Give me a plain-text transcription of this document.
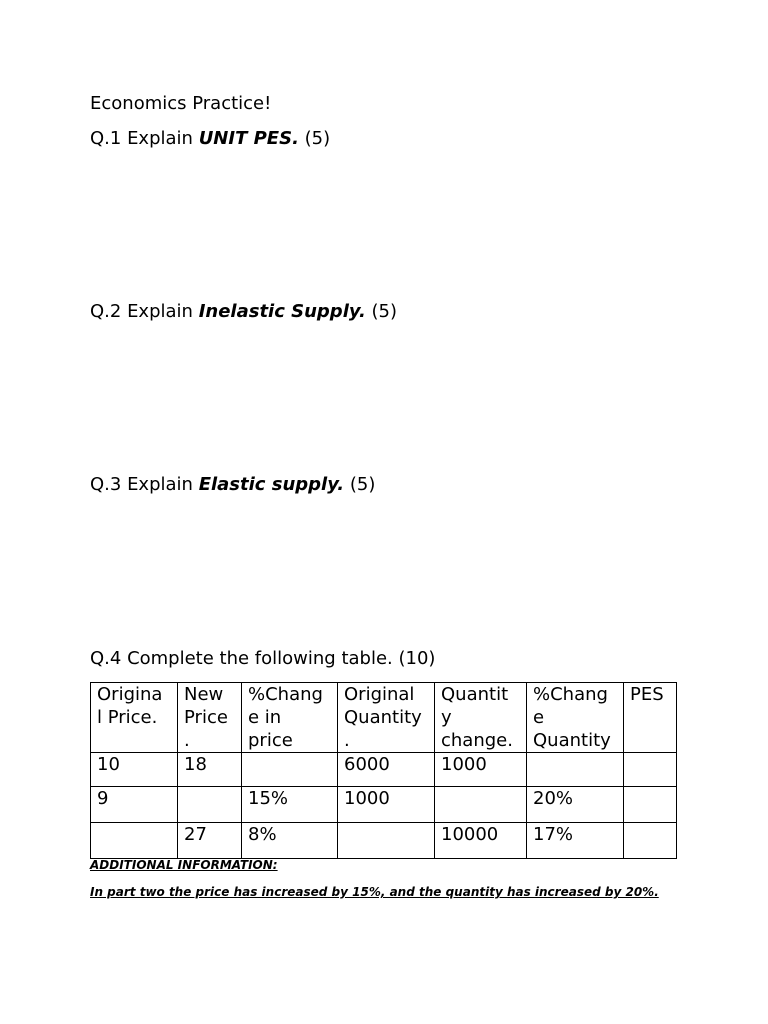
Economics Practice!
Q.1 Explain UNIT PES. (5)
Q.2 Explain Inelastic Supply. (5)
Q.3 Explain Elastic supply. (5)
Q.4 Complete the following table. (10)
Origina
l Price.	New
Price
.	%Chang
e in
price	Original
Quantity
.	Quantit
y
change.	%Chang
e
Quantity	PES
10	18		6000	1000		
9		15%	1000		20%	
	27	8%		10000	17%	
ADDITIONAL INFORMATION:
In part two the price has increased by 15%, and the quantity has increased by 20%.
